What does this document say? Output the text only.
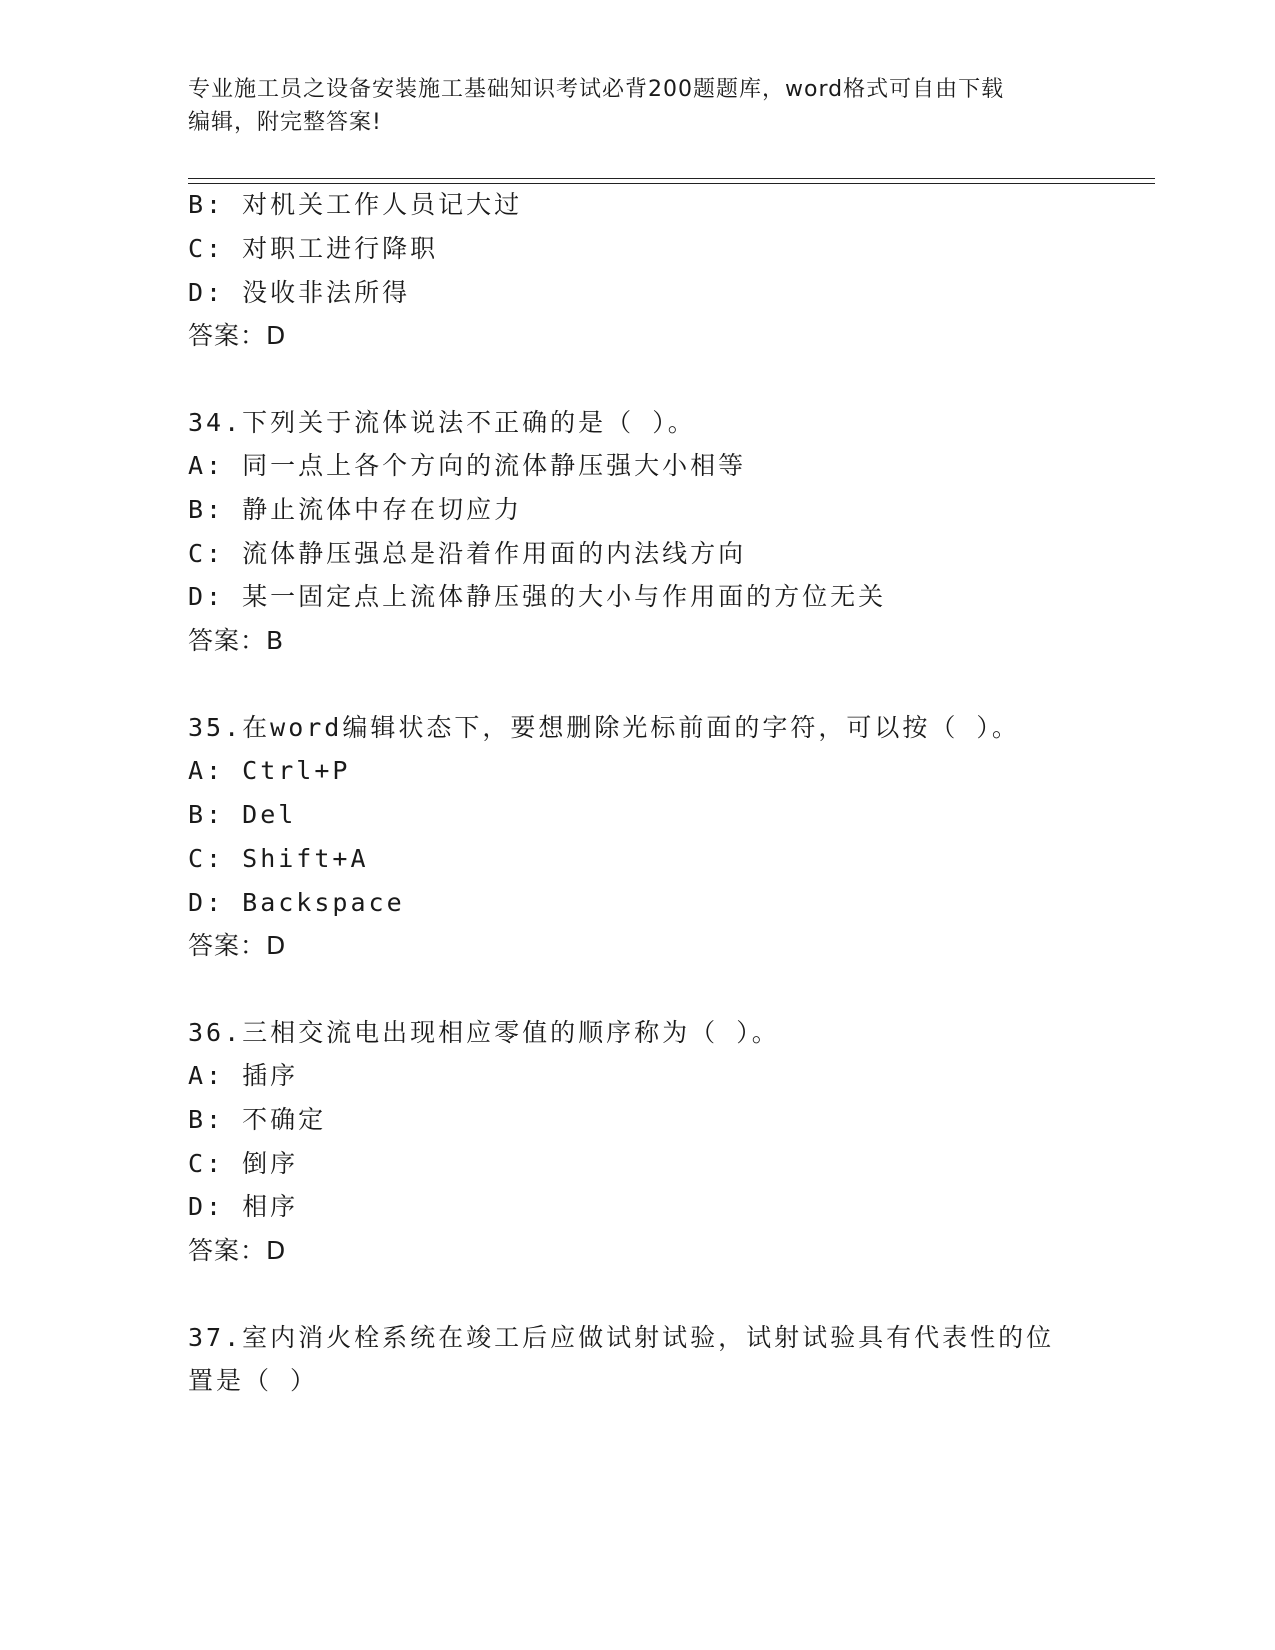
专业施工员之设备安装施工基础知识考试必背200题题库，word格式可自由下载
编辑，附完整答案!
B: 对机关工作人员记大过
C: 对职工进行降职
D: 没收非法所得
答案：D
34.下列关于流体说法不正确的是（ ）。
A: 同一点上各个方向的流体静压强大小相等
B: 静止流体中存在切应力
C: 流体静压强总是沿着作用面的内法线方向
D: 某一固定点上流体静压强的大小与作用面的方位无关
答案：B
35.在word编辑状态下，要想删除光标前面的字符，可以按（ ）。
A: Ctrl+P
B: Del
C: Shift+A
D: Backspace
答案：D
36.三相交流电出现相应零值的顺序称为（ ）。
A: 插序
B: 不确定
C: 倒序
D: 相序
答案：D
37.室内消火栓系统在竣工后应做试射试验，试射试验具有代表性的位
置是（ ）
